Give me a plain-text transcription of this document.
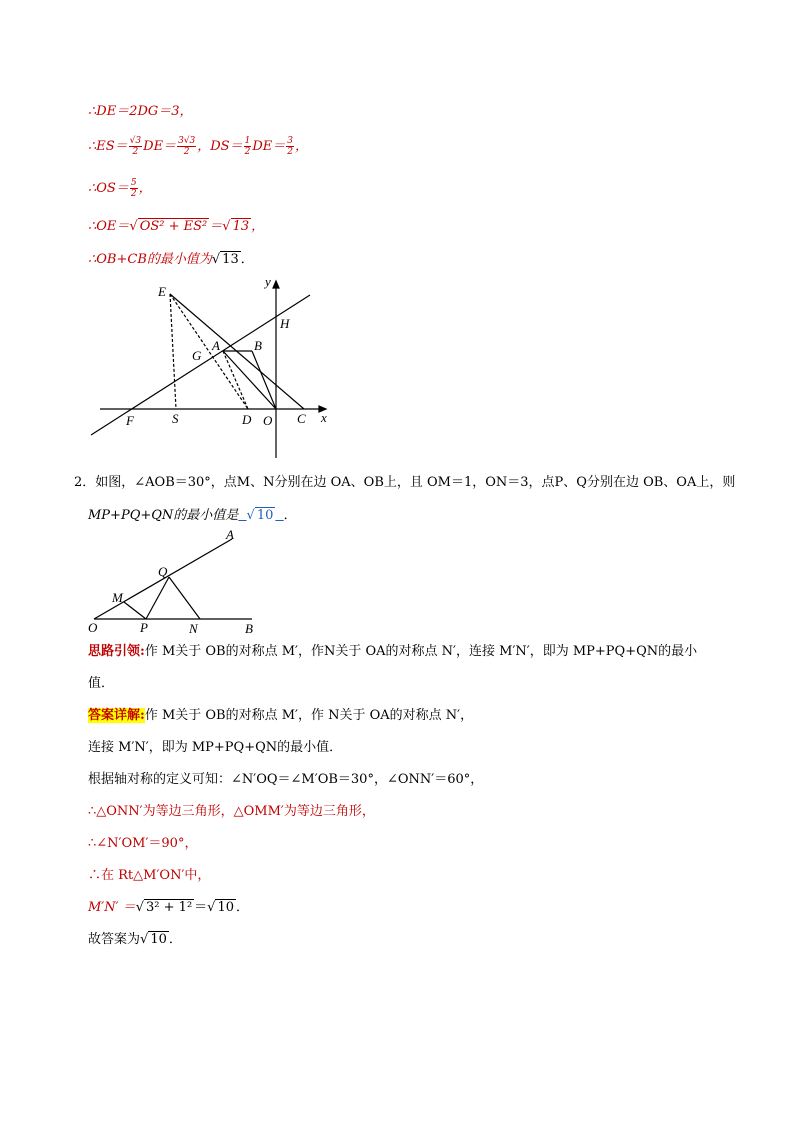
∴DE＝2DG＝3，
∴ES＝ $\frac{√3}{2} DE= \frac{3√3}{2}$ ，$DS= \frac{1}{2} DE= \frac{3}{2}$ ，
∴OS＝ $\frac{5}{2}$ ，
∴OE＝√ OS² + ES² ＝√ 13 ，
∴OB+CB的最小值为√ 13 ．
E
y
H
A	B
G
F	S	D O C x
2．如图，∠AOB＝30°，点M、N分别在边 OA、OB上，且 OM＝1，ON＝3，点P、Q分别在边 OB、OA上，则
MP+PQ+QN的最小值是 √ 10 ．
A
Q
M
O	P	N	B
思路引领:作 M关于 OB的对称点 M′，作N关于 OA的对称点 N′，连接 M′N′，即为 MP+PQ+QN的最小
值．
答案详解:作 M关于 OB的对称点 M′，作 N关于 OA的对称点 N′，
连接 M′N′，即为 MP+PQ+QN的最小值．
根据轴对称的定义可知：∠N′OQ＝∠M′OB＝30°，∠ONN′＝60°，
∴△ONN′为等边三角形，△OMM′为等边三角形，
∴∠N′OM′＝90°，
∴在 Rt△M′ON′中，
M′N′ ＝√ 3² + 1² ＝√ 10 ．
故答案为√ 10 ．
